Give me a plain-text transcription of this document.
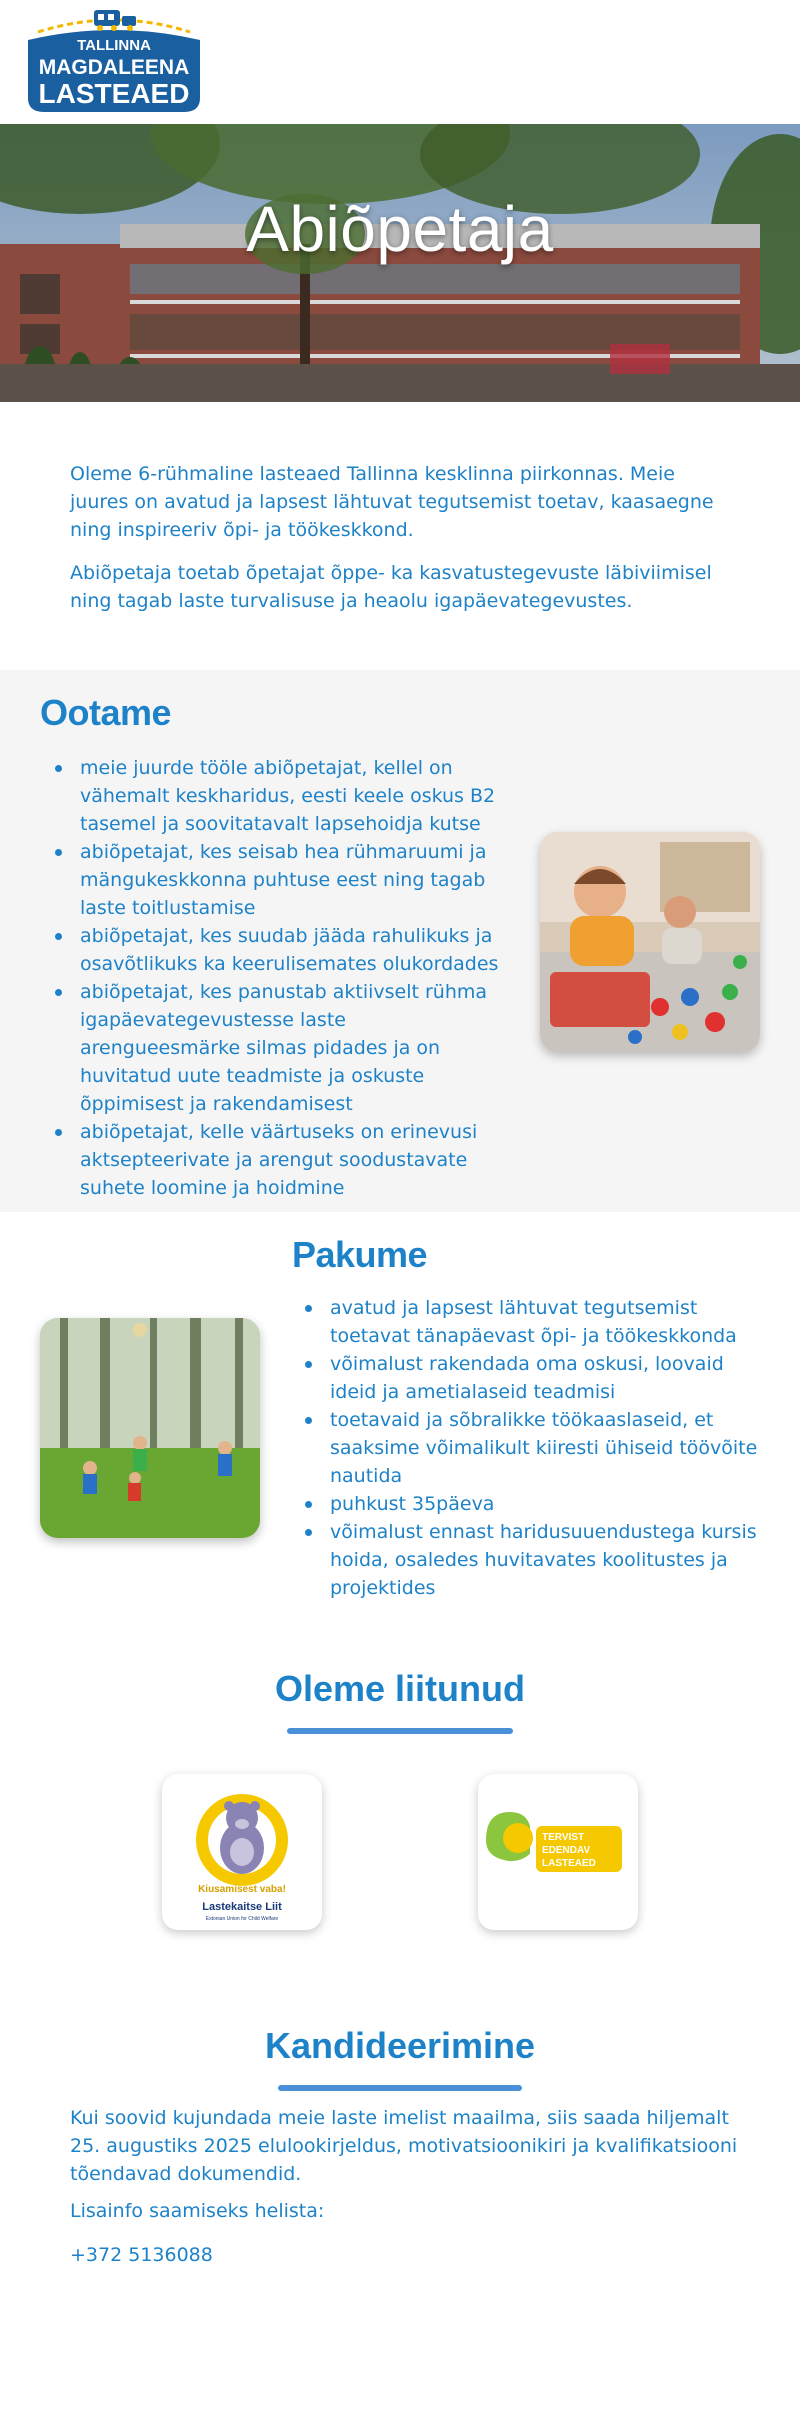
TALLINNA
MAGDALEENA
LASTEAED
Abiõpetaja

Oleme 6-rühmaline lasteaed Tallinna kesklinna piirkonnas. Meie juures on avatud ja lapsest lähtuvat tegutsemist toetav, kaasaegne ning inspireeriv õpi- ja töökeskkond.

Abiõpetaja toetab õpetajat õppe- ka kasvatustegevuste läbiviimisel ning tagab laste turvalisuse ja heaolu igapäevategevustes.

Ootame
meie juurde tööle abiõpetajat, kellel on vähemalt keskharidus, eesti keele oskus B2 tasemel ja soovitatavalt lapsehoidja kutse
abiõpetajat, kes seisab hea rühmaruumi ja mängukeskkonna puhtuse eest ning tagab laste toitlustamise
abiõpetajat, kes suudab jääda rahulikuks ja osavõtlikuks ka keerulisemates olukordades
abiõpetajat, kes panustab aktiivselt rühma igapäevategevustesse laste arengueesmärke silmas pidades ja on huvitatud uute teadmiste ja oskuste õppimisest ja rakendamisest
abiõpetajat, kelle väärtuseks on erinevusi aktsepteerivate ja arengut soodustavate suhete loomine ja hoidmine
Pakume
avatud ja lapsest lähtuvat tegutsemist toetavat tänapäevast õpi- ja töökeskkonda
võimalust rakendada oma oskusi, loovaid ideid ja ametialaseid teadmisi
toetavaid ja sõbralikke töökaaslaseid, et saaksime võimalikult kiiresti ühiseid töövõite nautida
puhkust 35päeva
võimalust ennast haridusuuendustega kursis hoida, osaledes huvitavates koolitustes ja projektides
Oleme liitunud
Kiusamisest vaba!
Lastekaitse Liit
Estonian Union for Child Welfare
TERVIST
EDENDAV
LASTEAED
Kandideerimine

Kui soovid kujundada meie laste imelist maailma, siis saada hiljemalt 25. augustiks 2025 elulookirjeldus, motivatsioonikiri ja kvalifikatsiooni tõendavad dokumendid.

Lisainfo saamiseks helista:

+372 5136088
